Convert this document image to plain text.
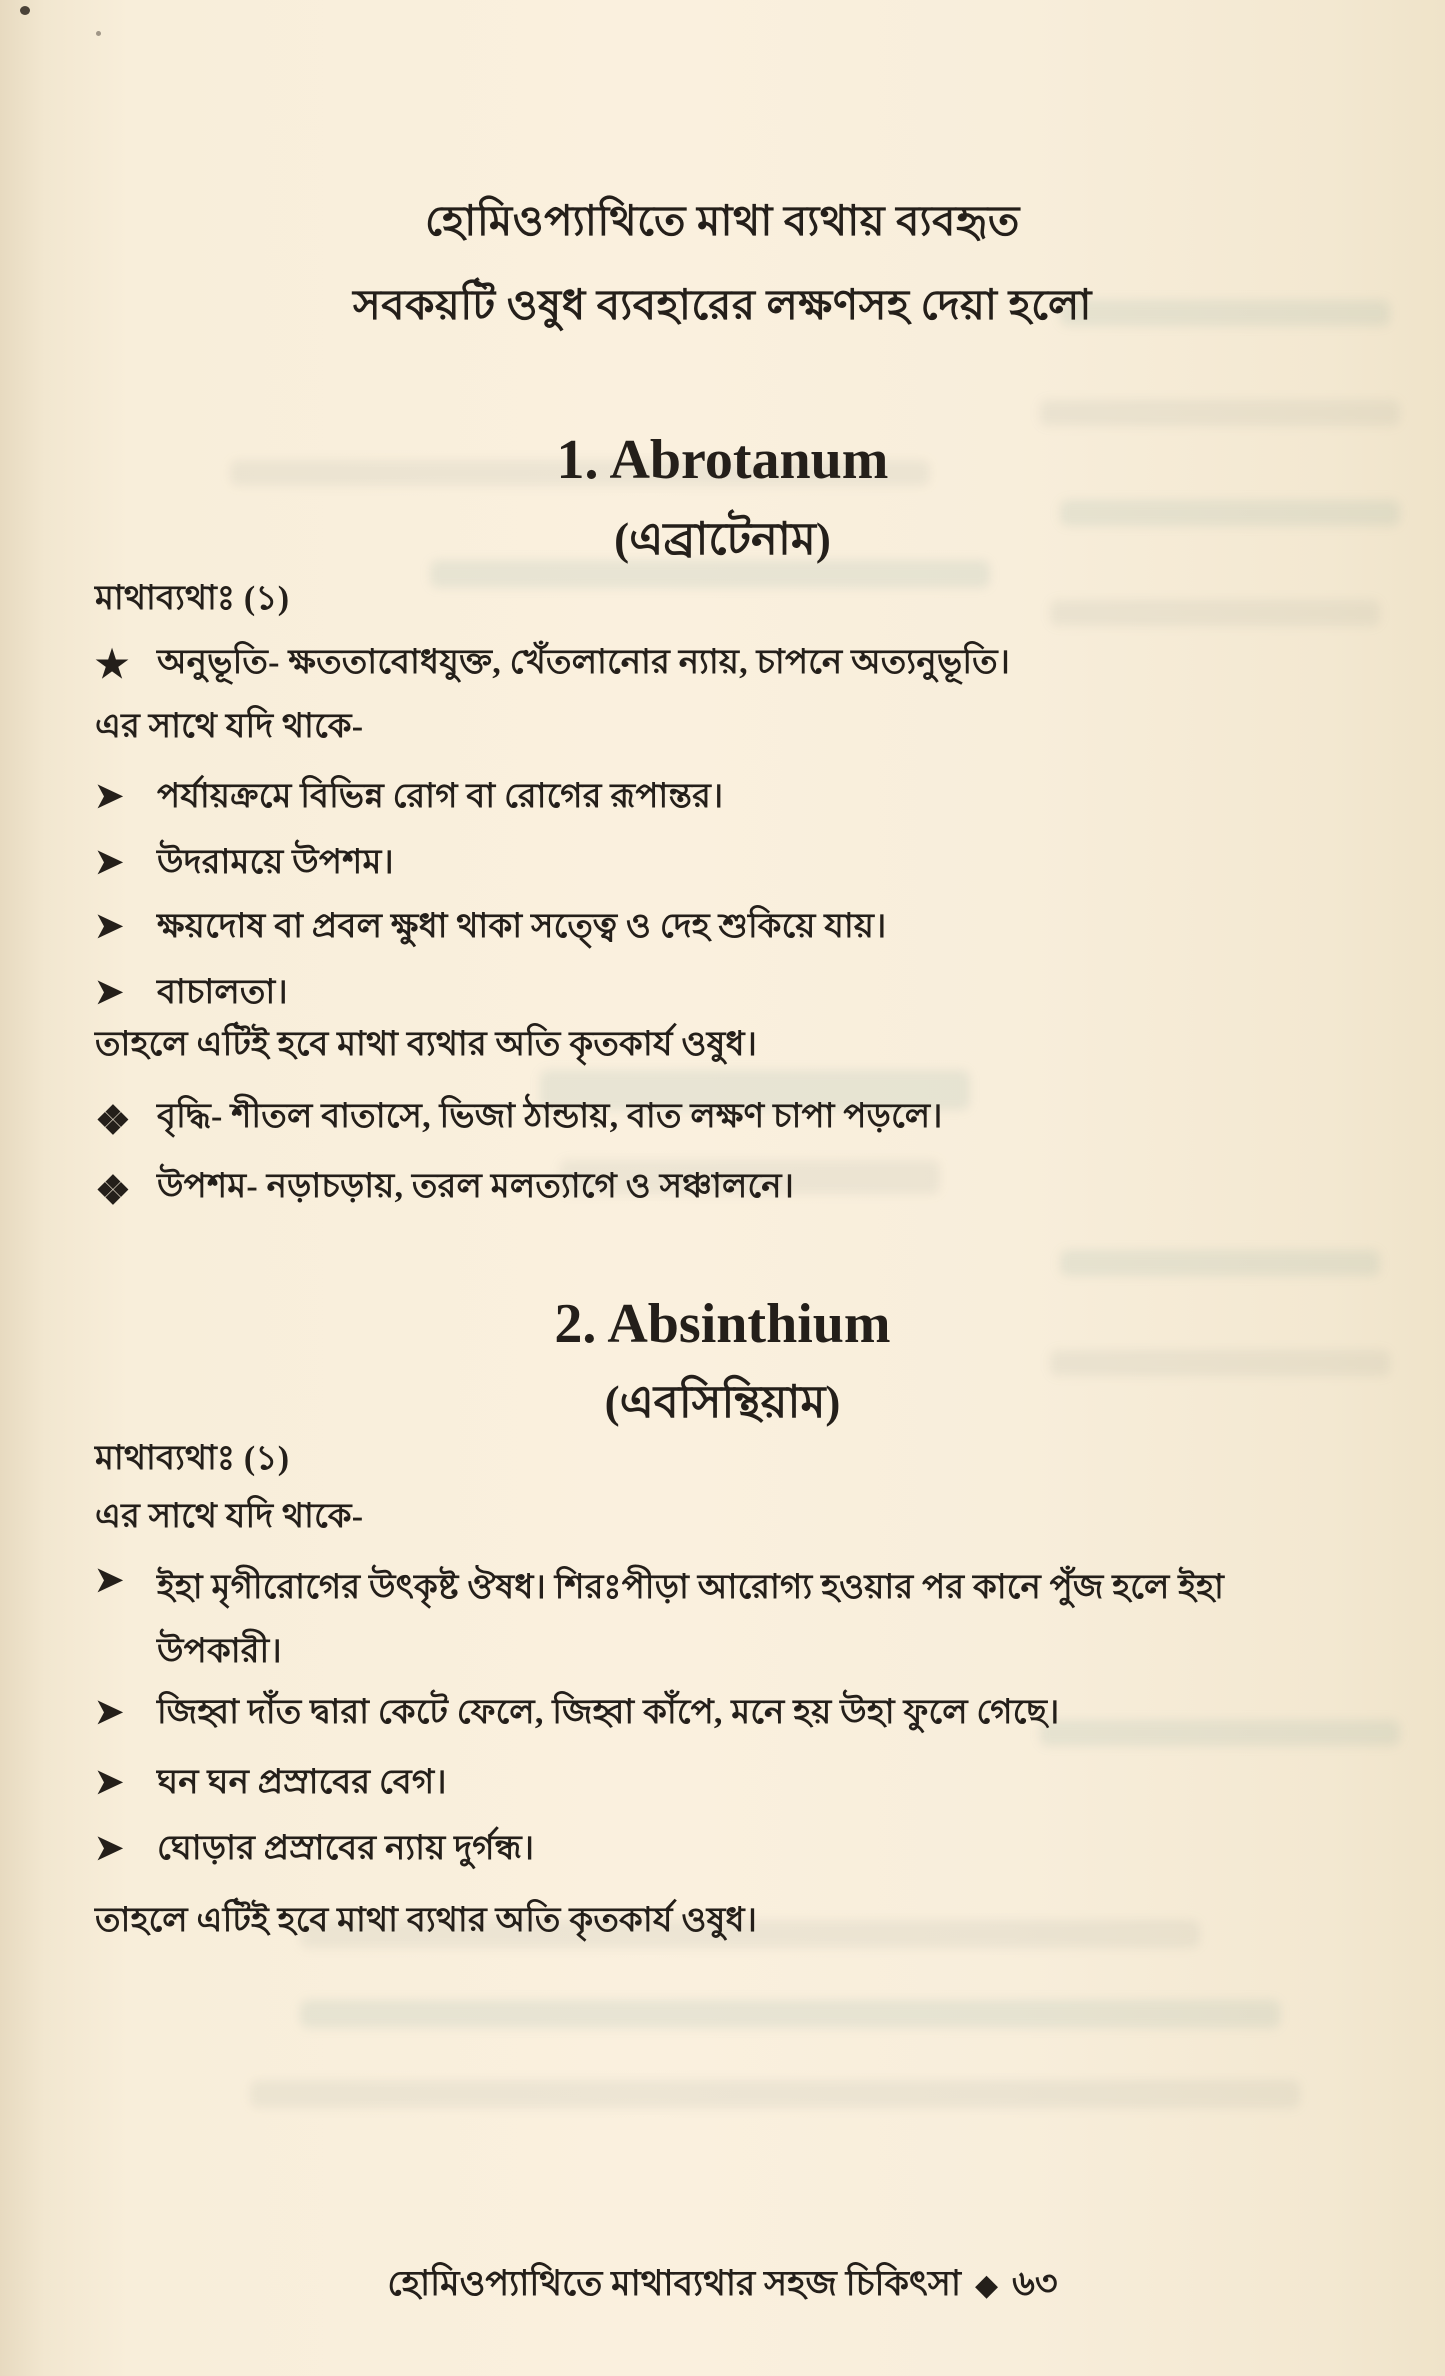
হোমিওপ্যাথিতে মাথা ব্যথায় ব্যবহৃত
সবকয়টি ওষুধ ব্যবহারের লক্ষণসহ দেয়া হলো
1. Abrotanum
(এব্রাটেনাম)
মাথাব্যথাঃ (১)
★ অনুভূতি- ক্ষততাবোধযুক্ত, খেঁতলানোর ন্যায়, চাপনে অত্যনুভূতি।
এর সাথে যদি থাকে-
➤ পর্যায়ক্রমে বিভিন্ন রোগ বা রোগের রূপান্তর।
➤ উদরাময়ে উপশম।
➤ ক্ষয়দোষ বা প্রবল ক্ষুধা থাকা সত্ত্বে ও দেহ শুকিয়ে যায়।
➤ বাচালতা।
তাহলে এটিই হবে মাথা ব্যথার অতি কৃতকার্য ওষুধ।
❖ বৃদ্ধি- শীতল বাতাসে, ভিজা ঠান্ডায়, বাত লক্ষণ চাপা পড়লে।
❖ উপশম- নড়াচড়ায়, তরল মলত্যাগে ও সঞ্চালনে।
2. Absinthium
(এবসিন্থিয়াম)
মাথাব্যথাঃ (১)
এর সাথে যদি থাকে-
➤ ইহা মৃগীরোগের উৎকৃষ্ট ঔষধ। শিরঃপীড়া আরোগ্য হওয়ার পর কানে পুঁজ হলে ইহা উপকারী।
➤ জিহ্বা দাঁত দ্বারা কেটে ফেলে, জিহ্বা কাঁপে, মনে হয় উহা ফুলে গেছে।
➤ ঘন ঘন প্রস্রাবের বেগ।
➤ ঘোড়ার প্রস্রাবের ন্যায় দুর্গন্ধ।
তাহলে এটিই হবে মাথা ব্যথার অতি কৃতকার্য ওষুধ।
হোমিওপ্যাথিতে মাথাব্যথার সহজ চিকিৎসা ◆ ৬৩
